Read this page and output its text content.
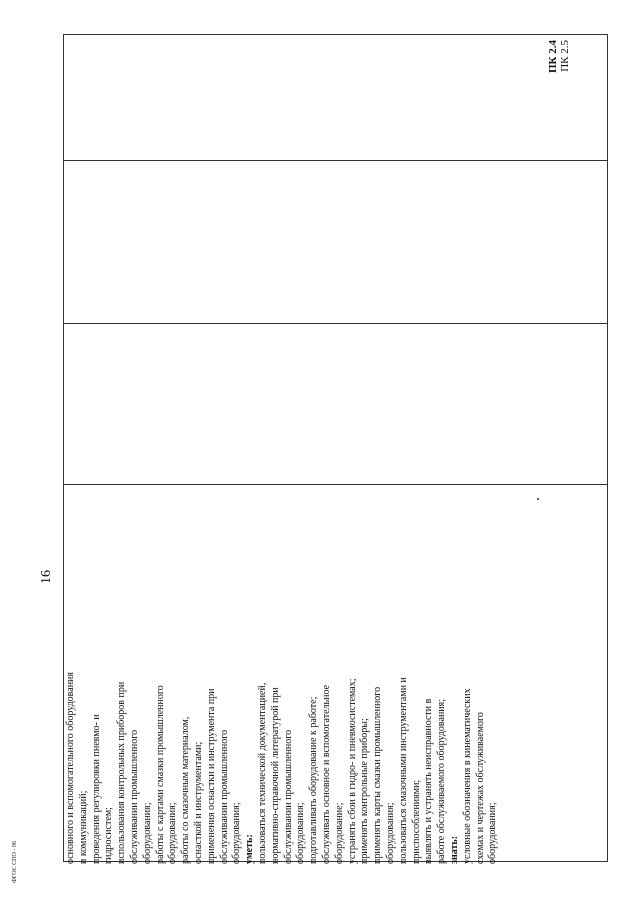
16
ФГОС СПО - 06	основного и вспомогательного оборудования и коммуникаций; проведения регулировки пневмо- и гидросистем; использования контрольных приборов при обслуживании промышленного оборудования; работы с картами смазки промышленного оборудования; работы со смазочным материалом, оснасткой и инструментами; применения оснастки и инструмента при обслуживании промышленного оборудования; уметь: пользоваться технической документацией, нормативно-справочной литературой при обслуживании промышленного оборудования; подготавливать оборудование к работе; обслуживать основное и вспомогательное оборудование; устранять сбои в гидро- и пневмосистемах; применять контрольные приборы; применять карты смазки промышленного оборудования; пользоваться смазочными инструментами и приспособлениями; выявлять и устранять неисправности в работе обслуживаемого оборудования; знать: условные обозначения в кинематических схемах и чертежах обслуживаемого оборудования;
ПК 2.4 ПК 2.5
